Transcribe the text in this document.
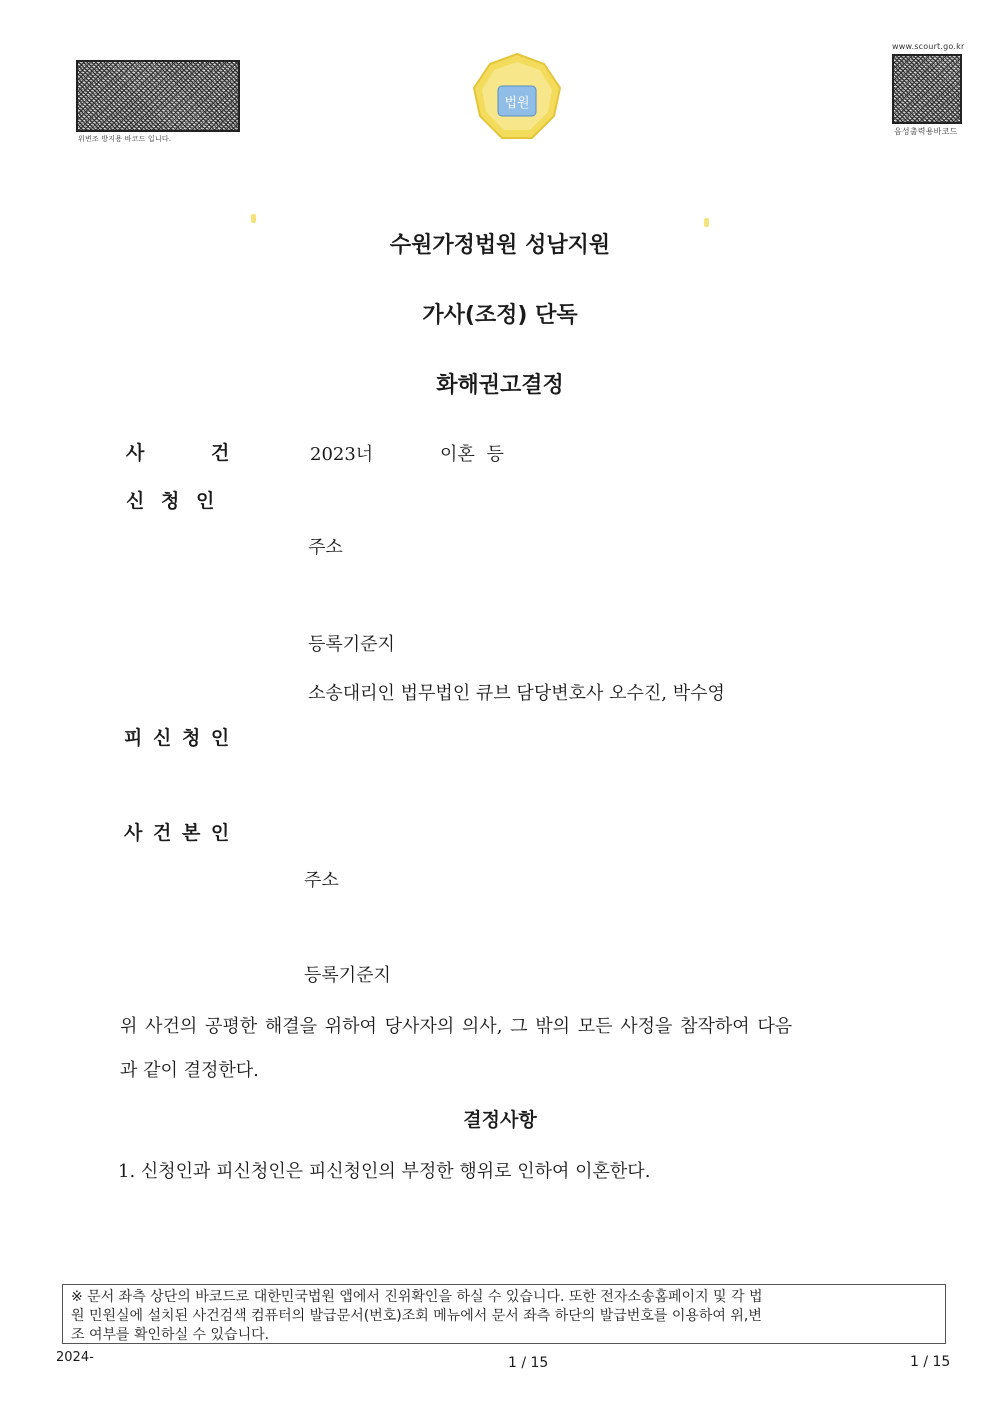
위변조 방지용 바코드 입니다.
법원
www.scourt.go.kr
음성출력용바코드
수원가정법원 성남지원
가사(조정) 단독
화해권고결정
사 건	2023너	이혼 등
신 청 인
주소
등록기준지
소송대리인 법무법인 큐브 담당변호사 오수진, 박수영
피 신 청 인
사 건 본 인
주소
등록기준지
위 사건의 공평한 해결을 위하여 당사자의 의사, 그 밖의 모든 사정을 참작하여 다음
과 같이 결정한다.
결정사항
1. 신청인과 피신청인은 피신청인의 부정한 행위로 인하여 이혼한다.
※ 문서 좌측 상단의 바코드로 대한민국법원 앱에서 진위확인을 하실 수 있습니다. 또한 전자소송홈페이지 및 각 법
원 민원실에 설치된 사건검색 컴퓨터의 발급문서(번호)조회 메뉴에서 문서 좌측 하단의 발급번호를 이용하여 위,변
조 여부를 확인하실 수 있습니다.
2024-	1 / 15	1 / 15
